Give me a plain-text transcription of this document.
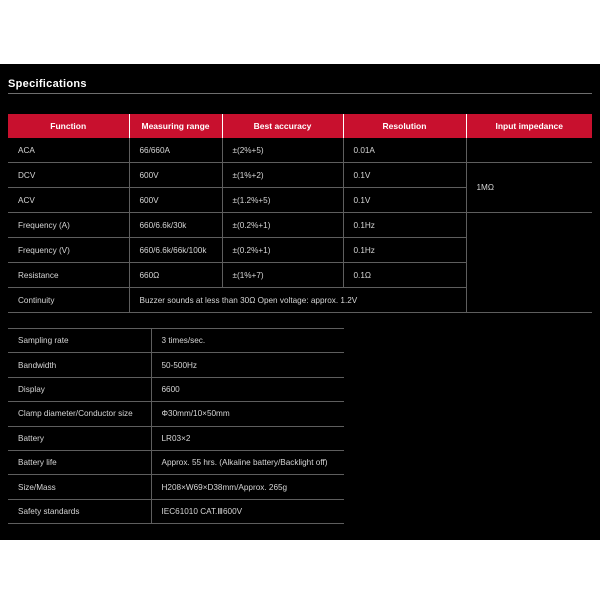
Specifications
Function	Measuring range	Best accuracy	Resolution	Input impedance
ACA	66/660A	±(2%+5)	0.01A	
DCV	600V	±(1%+2)	0.1V	1MΩ
ACV	600V	±(1.2%+5)	0.1V	
Frequency (A)	660/6.6k/30k	±(0.2%+1)	0.1Hz	
Frequency (V)	660/6.6k/66k/100k	±(0.2%+1)	0.1Hz	
Resistance	660Ω	±(1%+7)	0.1Ω	
Continuity	Buzzer sounds at less than 30Ω Open voltage: approx. 1.2V			
Sampling rate	3 times/sec.
Bandwidth	50-500Hz
Display	6600
Clamp diameter/Conductor size	Φ30mm/10×50mm
Battery	LR03×2
Battery life	Approx. 55 hrs. (Alkaline battery/Backlight off)
Size/Mass	H208×W69×D38mm/Approx. 265g
Safety standards	IEC61010 CAT.Ⅲ600V
